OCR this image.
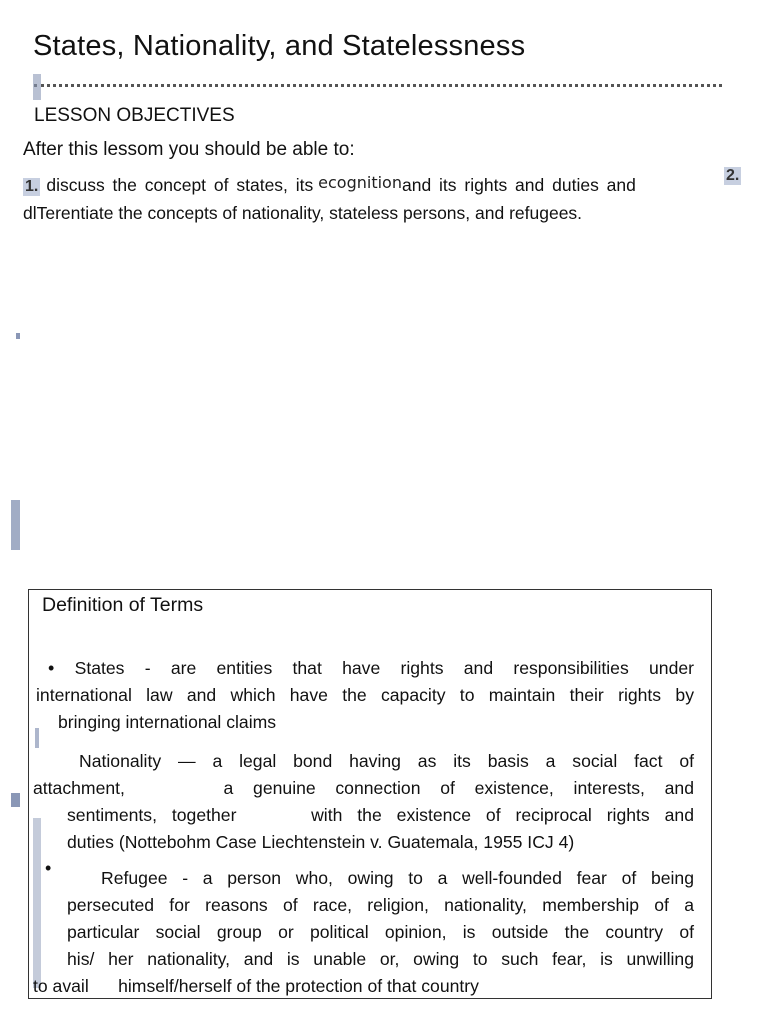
States, Nationality, and Statelessness
LESSON OBJECTIVES
After this lessom you should be able to:
1. discuss the concept of states, its ecognitionand its rights and duties and	2.
dlTerentiate the concepts of nationality, stateless persons, and refugees.
Definition of Terms
• States - are entities that have rights and responsibilities under
international law and which have the capacity to maintain their rights by
bringing international claims
Nationality — a legal bond having as its basis a social fact of
attachment,	a genuine connection of existence, interests, and
sentiments, together	with the existence of reciprocal rights and
duties (Nottebohm Case Liechtenstein v. Guatemala, 1955 ICJ 4)
•	Refugee - a person who, owing to a well-founded fear of being
persecuted for reasons of race, religion, nationality, membership of a
particular social group or political opinion, is outside the country of
his/ her nationality, and is unable or, owing to such fear, is unwilling
to avail himself/herself of the protection of that country
